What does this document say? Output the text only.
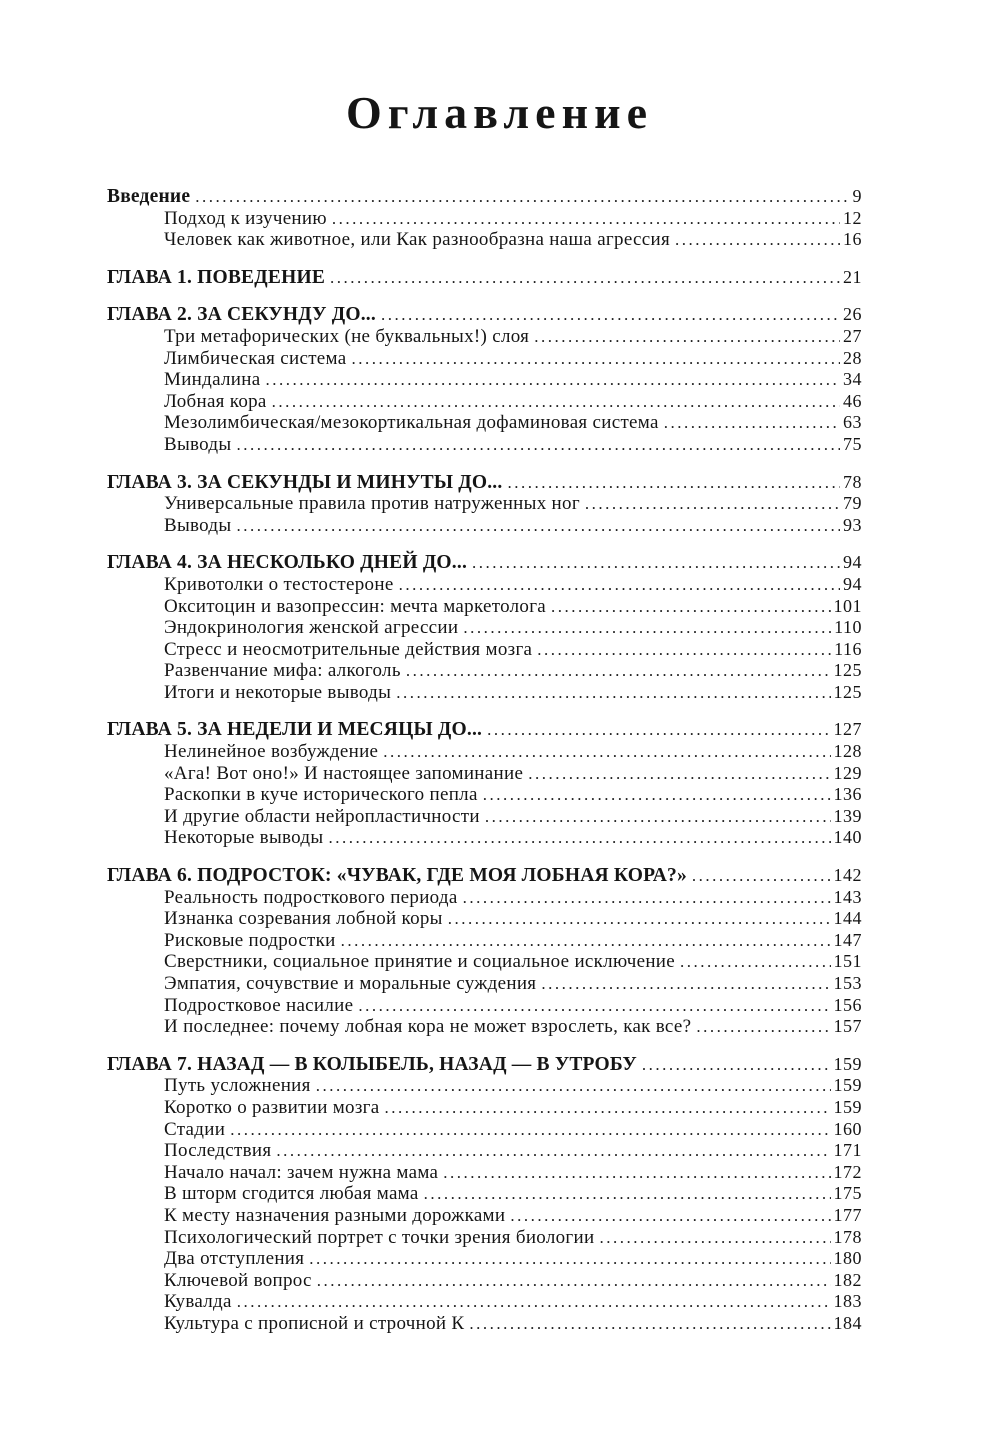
Оглавление
Введение .....	9
Подход к изучению .....	12
Человек как животное, или Как разнообразна наша агрессия .....	16
ГЛАВА 1. ПОВЕДЕНИЕ .....	21
ГЛАВА 2. ЗА СЕКУНДУ ДО... .....	26
Три метафорических (не буквальных!) слоя .....	27
Лимбическая система .....	28
Миндалина .....	34
Лобная кора .....	46
Мезолимбическая/мезокортикальная дофаминовая система .....	63
Выводы .....	75
ГЛАВА 3. ЗА СЕКУНДЫ И МИНУТЫ ДО... .....	78
Универсальные правила против натруженных ног .....	79
Выводы .....	93
ГЛАВА 4. ЗА НЕСКОЛЬКО ДНЕЙ ДО... .....	94
Кривотолки о тестостероне .....	94
Окситоцин и вазопрессин: мечта маркетолога .....	101
Эндокринология женской агрессии .....	110
Стресс и неосмотрительные действия мозга .....	116
Развенчание мифа: алкоголь .....	125
Итоги и некоторые выводы .....	125
ГЛАВА 5. ЗА НЕДЕЛИ И МЕСЯЦЫ ДО... .....	127
Нелинейное возбуждение .....	128
«Ага! Вот оно!» И настоящее запоминание .....	129
Раскопки в куче исторического пепла .....	136
И другие области нейропластичности .....	139
Некоторые выводы .....	140
ГЛАВА 6. ПОДРОСТОК: «ЧУВАК, ГДЕ МОЯ ЛОБНАЯ КОРА?» .....	142
Реальность подросткового периода .....	143
Изнанка созревания лобной коры .....	144
Рисковые подростки .....	147
Сверстники, социальное принятие и социальное исключение .....	151
Эмпатия, сочувствие и моральные суждения .....	153
Подростковое насилие .....	156
И последнее: почему лобная кора не может взрослеть, как все? .....	157
ГЛАВА 7. НАЗАД — В КОЛЫБЕЛЬ, НАЗАД — В УТРОБУ .....	159
Путь усложнения .....	159
Коротко о развитии мозга .....	159
Стадии .....	160
Последствия .....	171
Начало начал: зачем нужна мама .....	172
В шторм сгодится любая мама .....	175
К месту назначения разными дорожками .....	177
Психологический портрет с точки зрения биологии .....	178
Два отступления .....	180
Ключевой вопрос .....	182
Кувалда .....	183
Культура с прописной и строчной К .....	184
